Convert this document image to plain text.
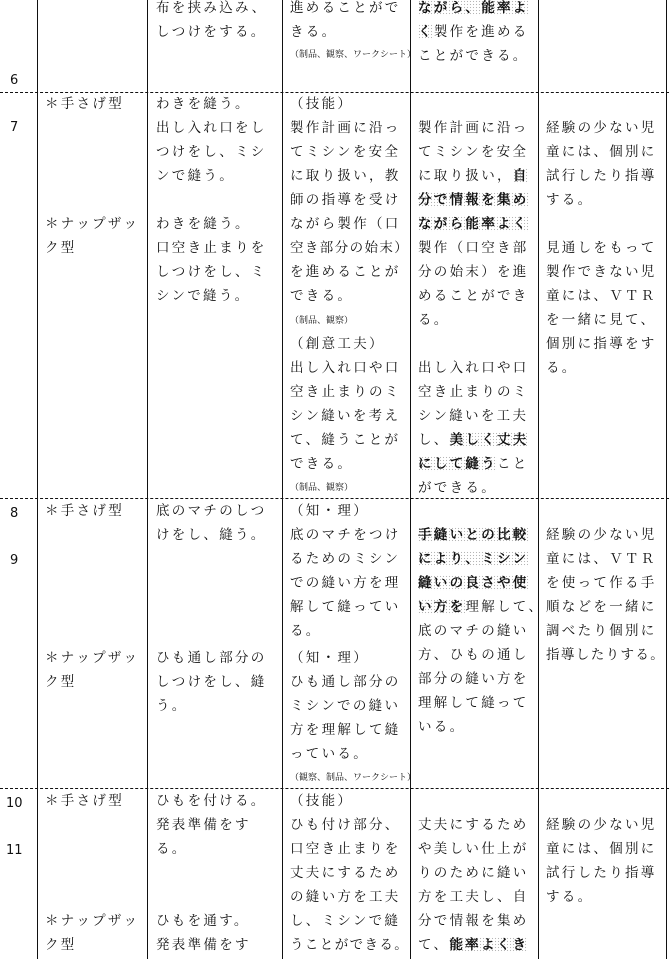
6
7
8
9
10
11
＊手さげ型
＊ナップザッ
ク型
＊手さげ型
＊ナップザッ
ク型
＊手さげ型
＊ナップザッ
ク型
布を挟み込み、
しつけをする。
わきを縫う。
出し入れ口をし
つけをし、ミシ
ンで縫う。
わきを縫う。
口空き止まりを
しつけをし、ミ
シンで縫う。
底のマチのしつ
けをし、縫う。
ひも通し部分の
しつけをし、縫
う。
ひもを付ける。
発表準備をす
る。
ひもを通す。
発表準備をす
進めることがで
きる。
（制品、観察、ワークシート）
（技能）
製作計画に沿っ
てミシンを安全
に取り扱い，教
師の指導を受け
ながら製作（口
空き部分の始末）
を進めることが
できる。
（制品、観察）
（創意工夫）
出し入れ口や口
空き止まりのミ
シン縫いを考え
て、縫うことが
できる。
（制品、観察）
（知・理）
底のマチをつけ
るためのミシン
での縫い方を理
解して縫ってい
る。
（知・理）
ひも通し部分の
ミシンでの縫い
方を理解して縫
っている。
（観察、制品、ワークシート）
（技能）
ひも付け部分、
口空き止まりを
丈夫にするため
の縫い方を工夫
し、ミシンで縫
うことができる。
ながら、能率よ
く製作を進める
ことができる。
製作計画に沿っ
てミシンを安全
に取り扱い，自
分で情報を集め
ながら能率よく
製作（口空き部
分の始末）を進
めることができ
る。
出し入れ口や口
空き止まりのミ
シン縫いを工夫
し、美しく丈夫
にして縫うこと
ができる。
手縫いとの比較
により、ミシン
縫いの良さや使
い方を理解して、
底のマチの縫い
方、ひもの通し
部分の縫い方を
理解して縫って
いる。
丈夫にするため
や美しい仕上が
りのために縫い
方を工夫し、自
分で情報を集め
て、能率よくき
経験の少ない児
童には、個別に
試行したり指導
する。
見通しをもって
製作できない児
童には、ＶＴＲ
を一緒に見て、
個別に指導をす
る。
経験の少ない児
童には、ＶＴＲ
を使って作る手
順などを一緒に
調べたり個別に
指導したりする。
経験の少ない児
童には、個別に
試行したり指導
する。
